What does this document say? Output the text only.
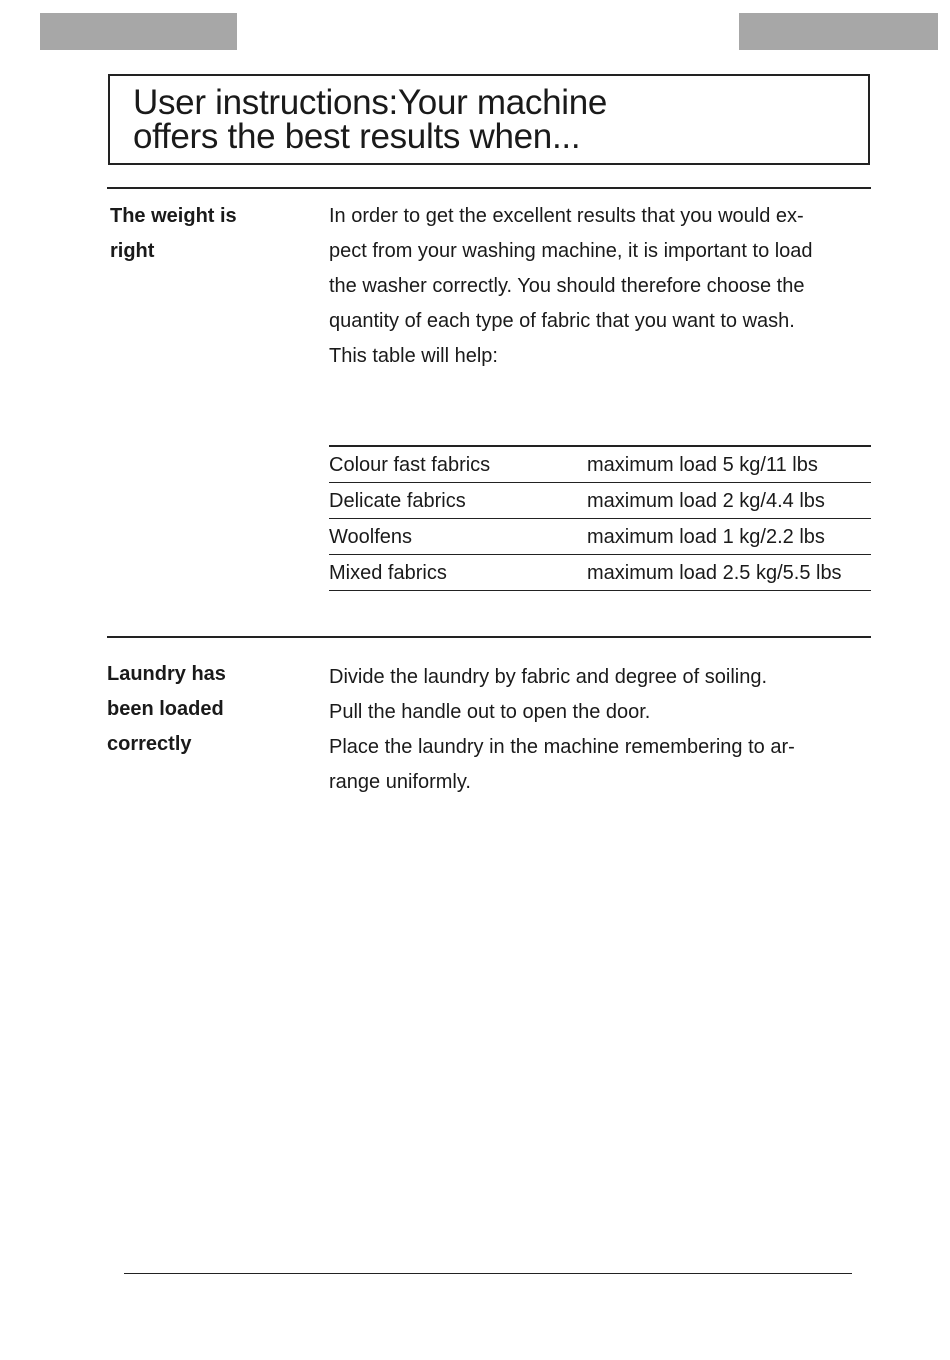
User instructions:Your machine
offers the best results when...
The weight is
right
In order to get the excellent results that you would ex-
pect from your washing machine, it is important to load
the washer correctly. You should therefore choose the
quantity of each type of fabric that you want to wash.
This table will help:
Colour fast fabrics	maximum load 5 kg/11 lbs
Delicate fabrics	maximum load 2 kg/4.4 lbs
Woolfens	maximum load 1 kg/2.2 lbs
Mixed fabrics	maximum load 2.5 kg/5.5 lbs
Laundry has
been loaded
correctly
Divide the laundry by fabric and degree of soiling.
Pull the handle out to open the door.
Place the laundry in the machine remembering to ar-
range uniformly.
